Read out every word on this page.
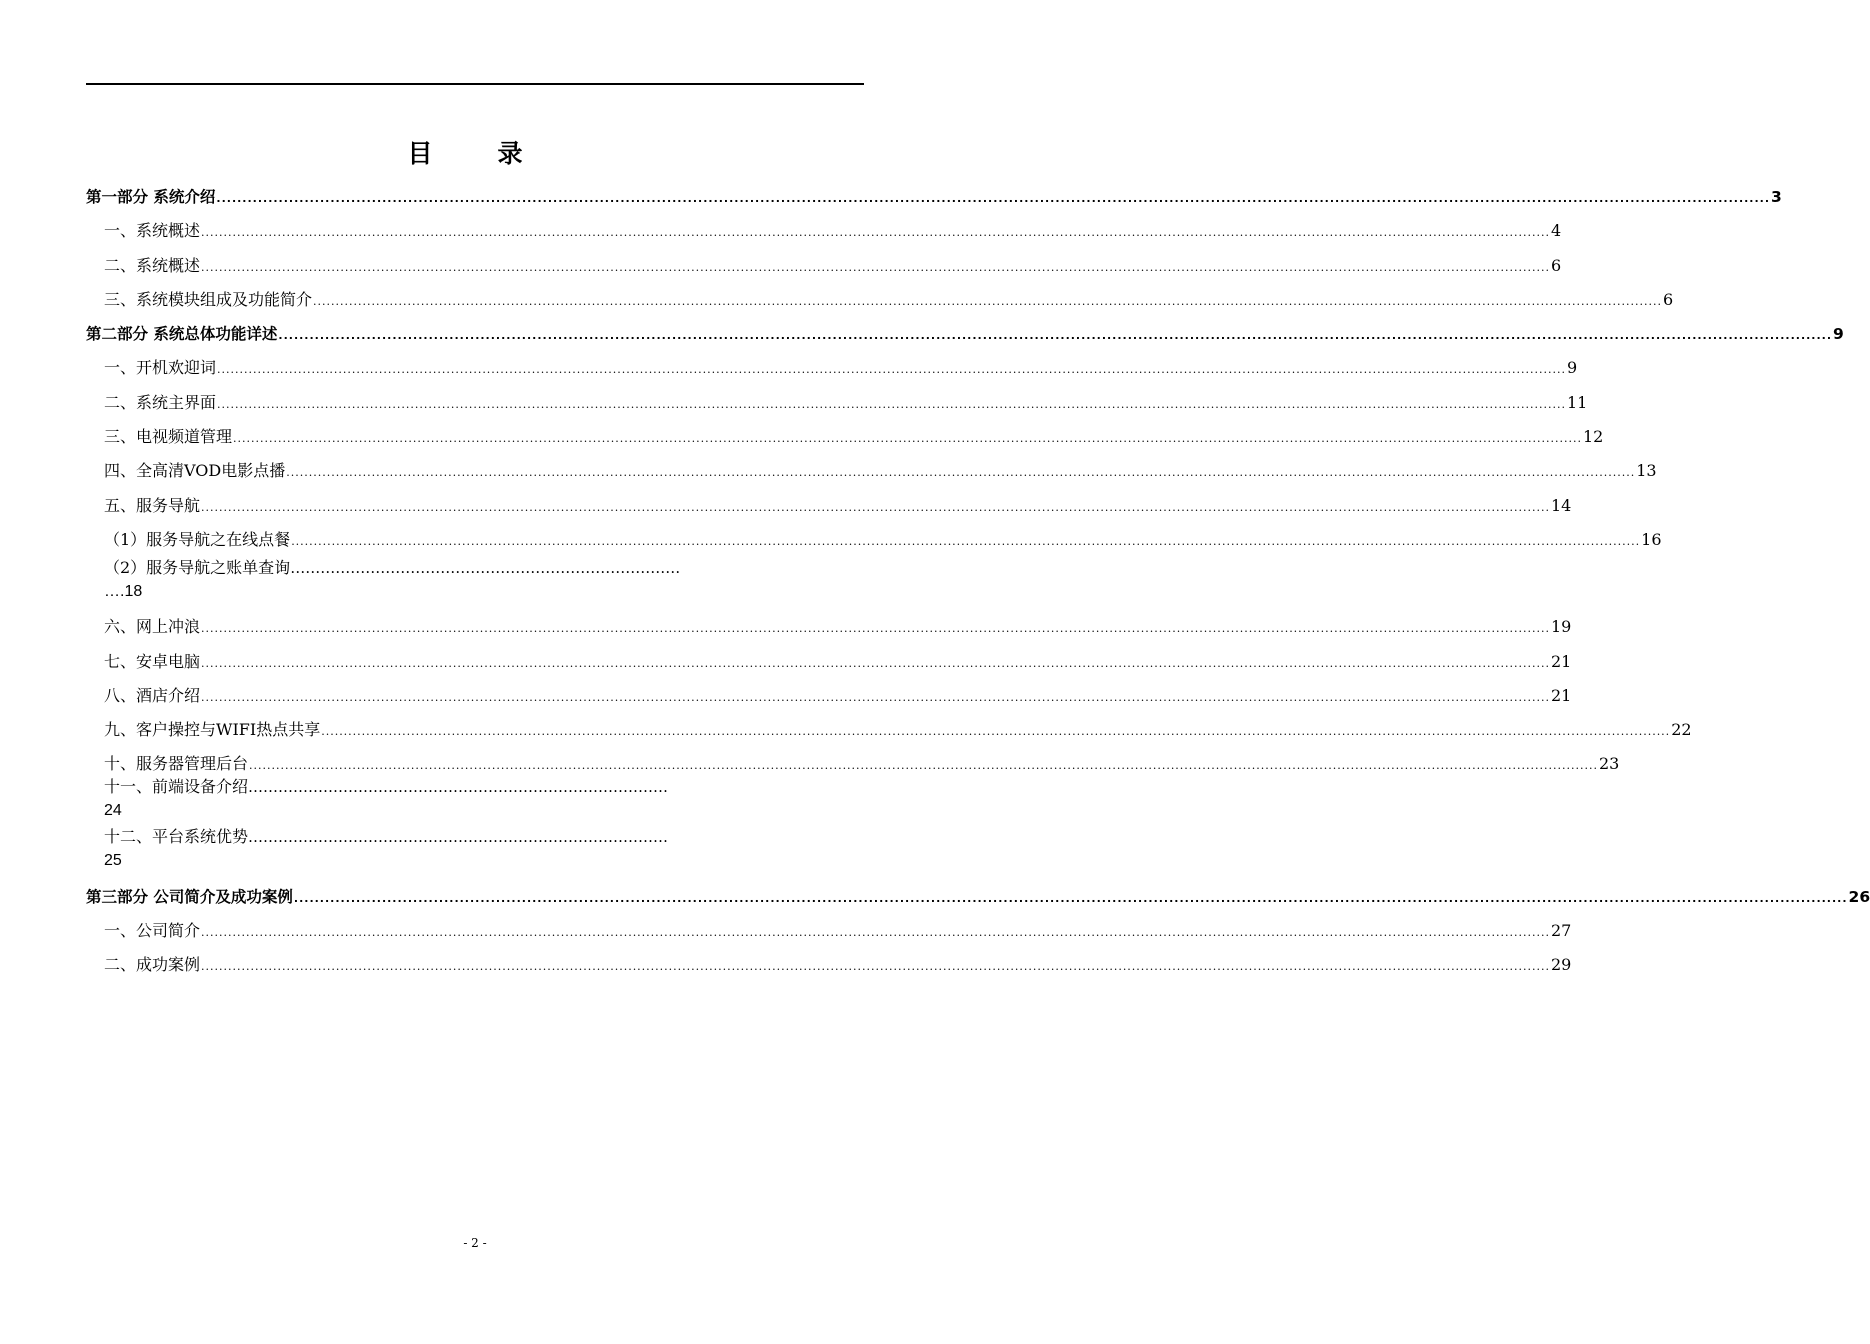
目　录
第一部分 系统介绍 ............................................................................................................................................................................................................................................................................................................ 3
一、系统概述 ............................................................................................................................................................................................................................................................................................................ 4
二、系统概述 ............................................................................................................................................................................................................................................................................................................ 6
三、系统模块组成及功能简介 ............................................................................................................................................................................................................................................................................................................ 6
第二部分 系统总体功能详述 ............................................................................................................................................................................................................................................................................................................ 9
一、开机欢迎词 ............................................................................................................................................................................................................................................................................................................ 9
二、系统主界面 ............................................................................................................................................................................................................................................................................................................ 11
三、电视频道管理 ............................................................................................................................................................................................................................................................................................................ 12
四、全高清VOD电影点播 ............................................................................................................................................................................................................................................................................................................ 13
五、服务导航 ............................................................................................................................................................................................................................................................................................................ 14
（1）服务导航之在线点餐 ............................................................................................................................................................................................................................................................................................................ 16
（2）服务导航之账单查询……………………………………………………………………
….18
六、网上冲浪 ............................................................................................................................................................................................................................................................................................................ 19
七、安卓电脑 ............................................................................................................................................................................................................................................................................................................ 21
八、酒店介绍 ............................................................................................................................................................................................................................................................................................................ 21
九、客户操控与WIFI热点共享 ............................................................................................................................................................................................................................................................................................................ 22
十、服务器管理后台 ............................................................................................................................................................................................................................................................................................................ 23
十一、前端设备介绍…………………………………………………………………………
24
十二、平台系统优势…………………………………………………………………………
25
第三部分 公司简介及成功案例 ............................................................................................................................................................................................................................................................................................................ 26
一、公司简介 ............................................................................................................................................................................................................................................................................................................ 27
二、成功案例 ............................................................................................................................................................................................................................................................................................................ 29
- 2 -
